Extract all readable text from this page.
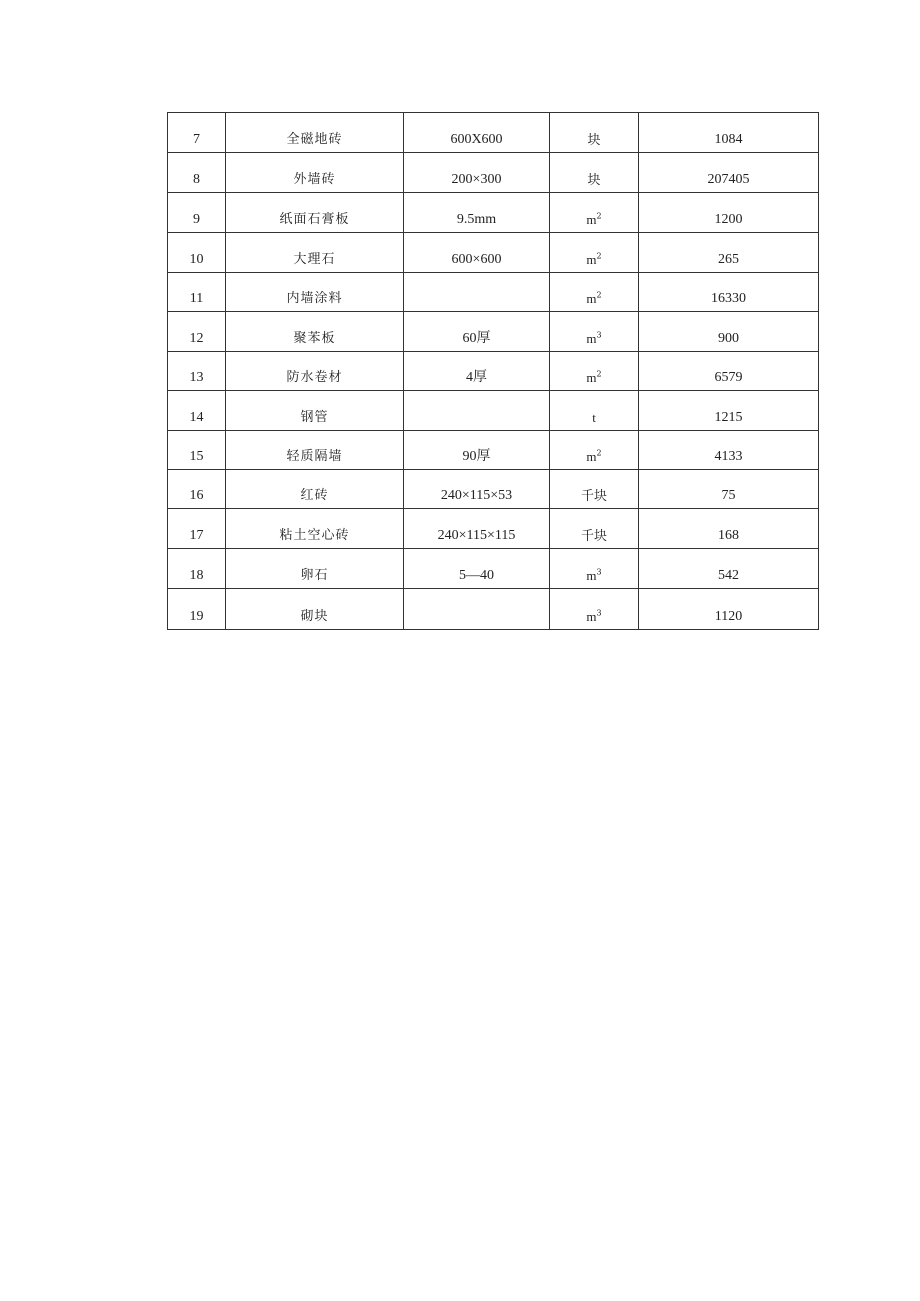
7	全磁地砖	600X600	块	1084
8	外墙砖	200×300	块	207405
9	纸面石膏板	9.5mm	$m^2$	1200
10	大理石	600×600	$m^2$	265
11	内墙涂料		$m^2$	16330
12	聚苯板	60厚	$m^3$	900
13	防水卷材	4厚	$m^2$	6579
14	钢管		t	1215
15	轻质隔墙	90厚	$m^2$	4133
16	红砖	240×115×53	千块	75
17	粘土空心砖	240×115×115	千块	168
18	卵石	5—40	$m^3$	542
19	砌块		$m^3$	1120
